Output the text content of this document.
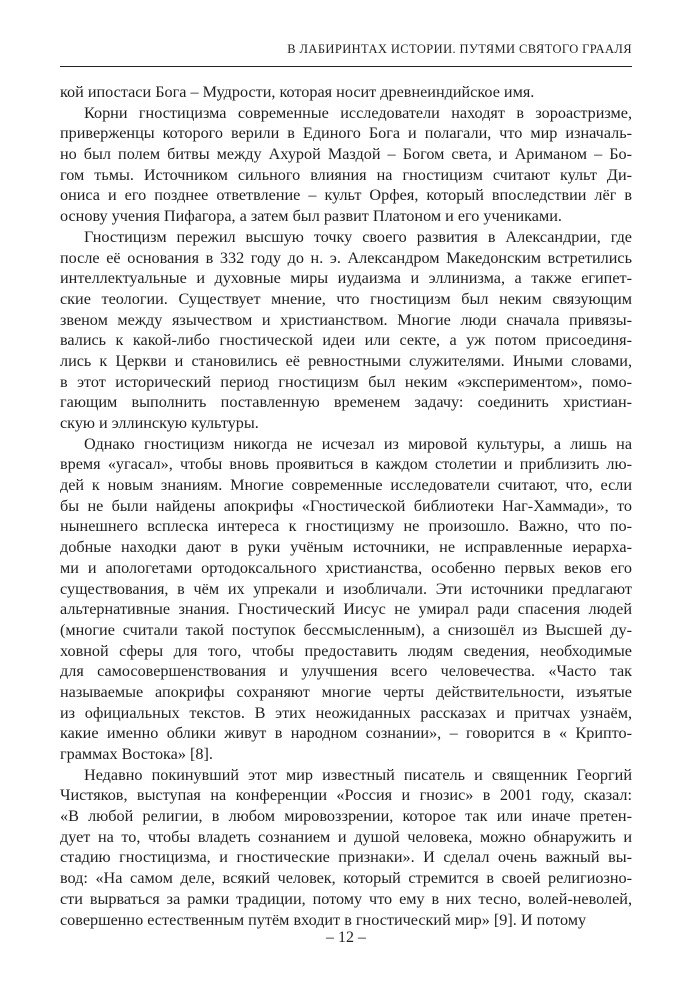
В ЛАБИРИНТАХ ИСТОРИИ. ПУТЯМИ СВЯТОГО ГРААЛЯ
кой ипостаси Бога – Мудрости, которая носит древнеиндийское имя.
Корни гностицизма современные исследователи находят в зороастризме,
приверженцы которого верили в Единого Бога и полагали, что мир изначаль-
но был полем битвы между Ахурой Маздой – Богом света, и Ариманом – Бо-
гом тьмы. Источником сильного влияния на гностицизм считают культ Ди-
ониса и его позднее ответвление – культ Орфея, который впоследствии лёг в
основу учения Пифагора, а затем был развит Платоном и его учениками.
Гностицизм пережил высшую точку своего развития в Александрии, где
после её основания в 332 году до н. э. Александром Македонским встретились
интеллектуальные и духовные миры иудаизма и эллинизма, а также египет-
ские теологии. Существует мнение, что гностицизм был неким связующим
звеном между язычеством и христианством. Многие люди сначала привязы-
вались к какой-либо гностической идеи или секте, а уж потом присоединя-
лись к Церкви и становились её ревностными служителями. Иными словами,
в этот исторический период гностицизм был неким «экспериментом», помо-
гающим выполнить поставленную временем задачу: соединить христиан-
скую и эллинскую культуры.
Однако гностицизм никогда не исчезал из мировой культуры, а лишь на
время «угасал», чтобы вновь проявиться в каждом столетии и приблизить лю-
дей к новым знаниям. Многие современные исследователи считают, что, если
бы не были найдены апокрифы «Гностической библиотеки Наг-Хаммади», то
нынешнего всплеска интереса к гностицизму не произошло. Важно, что по-
добные находки дают в руки учёным источники, не исправленные иерарха-
ми и апологетами ортодоксального христианства, особенно первых веков его
существования, в чём их упрекали и изобличали. Эти источники предлагают
альтернативные знания. Гностический Иисус не умирал ради спасения людей
(многие считали такой поступок бессмысленным), а снизошёл из Высшей ду-
ховной сферы для того, чтобы предоставить людям сведения, необходимые
для самосовершенствования и улучшения всего человечества. «Часто так
называемые апокрифы сохраняют многие черты действительности, изъятые
из официальных текстов. В этих неожиданных рассказах и притчах узнаём,
какие именно облики живут в народном сознании», – говорится в « Крипто-
граммах Востока» [8].
Недавно покинувший этот мир известный писатель и священник Георгий
Чистяков, выступая на конференции «Россия и гнозис» в 2001 году, сказал:
«В любой религии, в любом мировоззрении, которое так или иначе претен-
дует на то, чтобы владеть сознанием и душой человека, можно обнаружить и
стадию гностицизма, и гностические признаки». И сделал очень важный вы-
вод: «На самом деле, всякий человек, который стремится в своей религиозно-
сти вырваться за рамки традиции, потому что ему в них тесно, волей-неволей,
совершенно естественным путём входит в гностический мир» [9]. И потому
– 12 –
